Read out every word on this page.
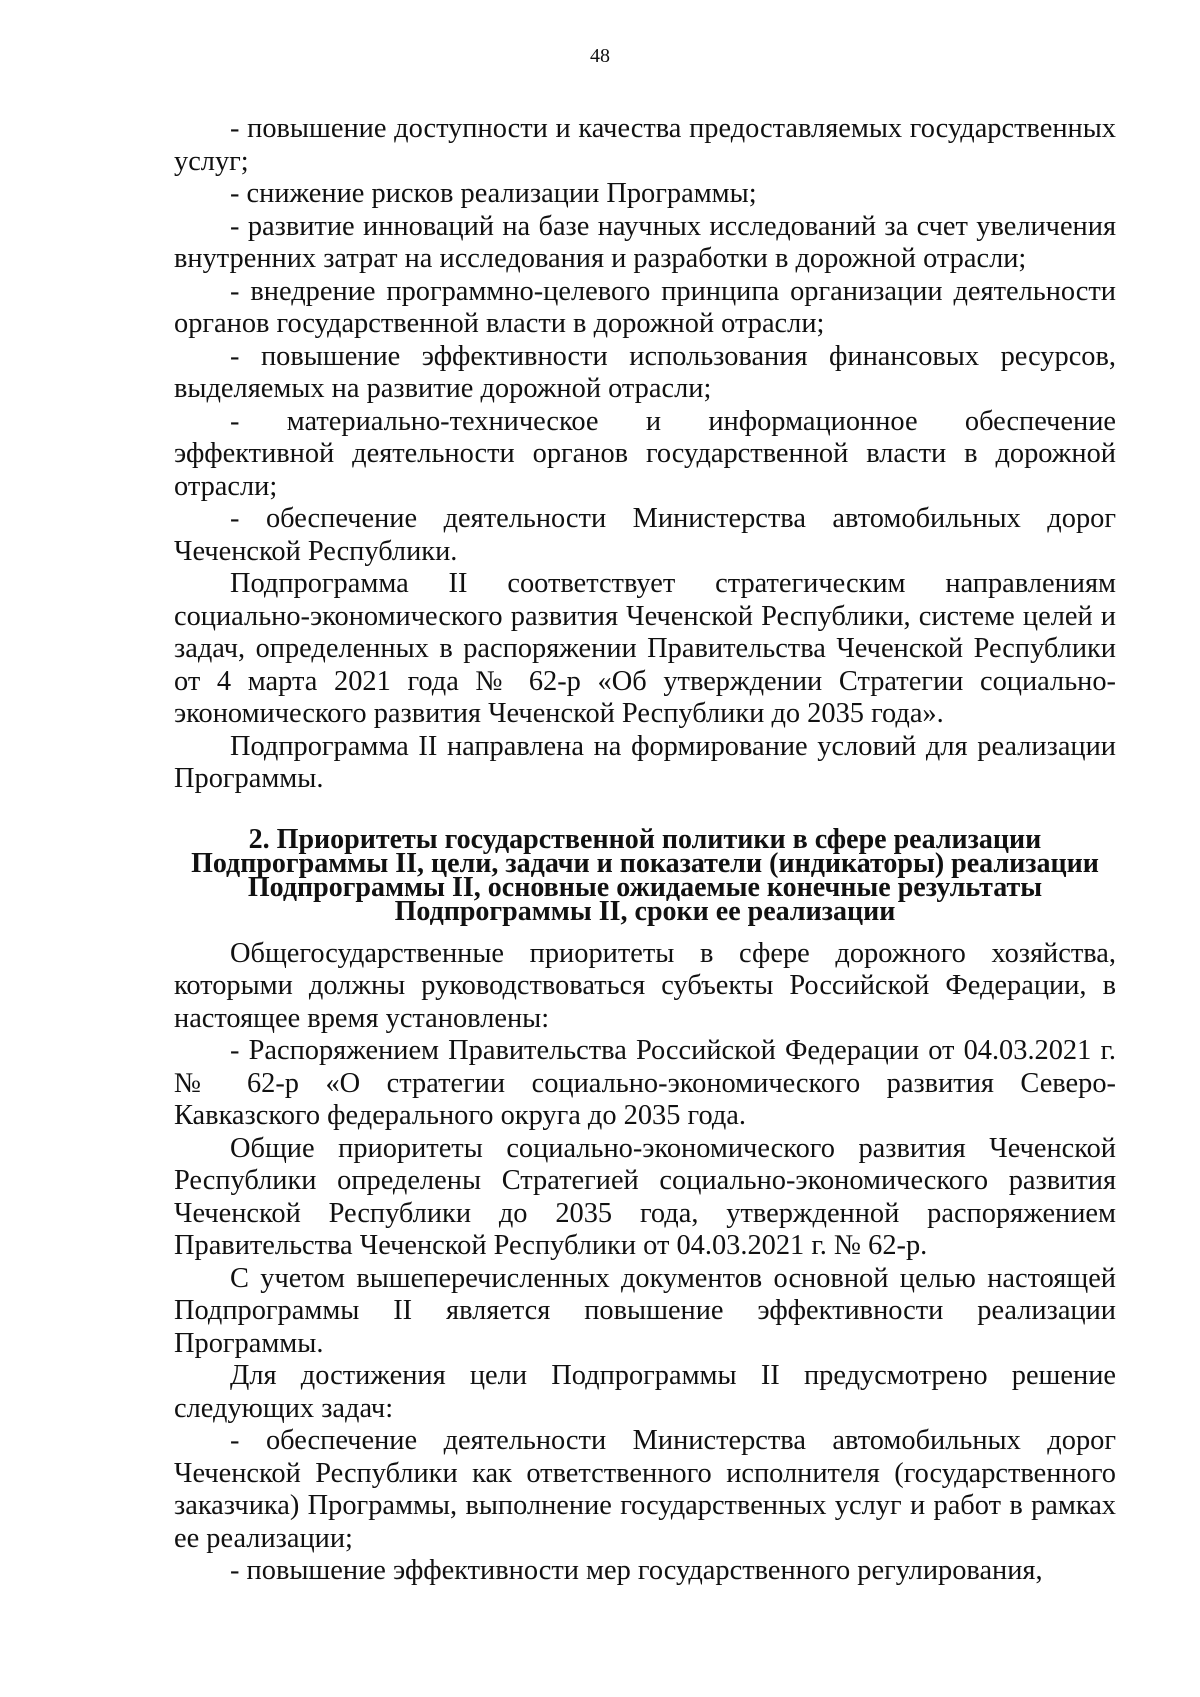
48

- повышение доступности и качества предоставляемых государственных услуг;

- снижение рисков реализации Программы;

- развитие инноваций на базе научных исследований за счет увеличения внутренних затрат на исследования и разработки в дорожной отрасли;

- внедрение программно-целевого принципа организации деятельности органов государственной власти в дорожной отрасли;

- повышение эффективности использования финансовых ресурсов, выделяемых на развитие дорожной отрасли;

- материально-техническое и информационное обеспечение эффективной деятельности органов государственной власти в дорожной отрасли;

- обеспечение деятельности Министерства автомобильных дорог Чеченской Республики.

Подпрограмма II соответствует стратегическим направлениям социально-экономического развития Чеченской Республики, системе целей и задач, определенных в распоряжении Правительства Чеченской Республики от 4 марта 2021 года № 62-р «Об утверждении Стратегии социально-экономического развития Чеченской Республики до 2035 года».

Подпрограмма II направлена на формирование условий для реализации Программы.

2. Приоритеты государственной политики в сфере реализации
Подпрограммы II, цели, задачи и показатели (индикаторы) реализации
Подпрограммы II, основные ожидаемые конечные результаты
Подпрограммы II, сроки ее реализации

Общегосударственные приоритеты в сфере дорожного хозяйства, которыми должны руководствоваться субъекты Российской Федерации, в настоящее время установлены:

- Распоряжением Правительства Российской Федерации от 04.03.2021 г. № 62-р «О стратегии социально-экономического развития Северо-Кавказского федерального округа до 2035 года.

Общие приоритеты социально-экономического развития Чеченской Республики определены Стратегией социально-экономического развития Чеченской Республики до 2035 года, утвержденной распоряжением Правительства Чеченской Республики от 04.03.2021 г. № 62-р.

С учетом вышеперечисленных документов основной целью настоящей Подпрограммы II является повышение эффективности реализации Программы.

Для достижения цели Подпрограммы II предусмотрено решение следующих задач:

- обеспечение деятельности Министерства автомобильных дорог Чеченской Республики как ответственного исполнителя (государственного заказчика) Программы, выполнение государственных услуг и работ в рамках ее реализации;

- повышение эффективности мер государственного регулирования,
